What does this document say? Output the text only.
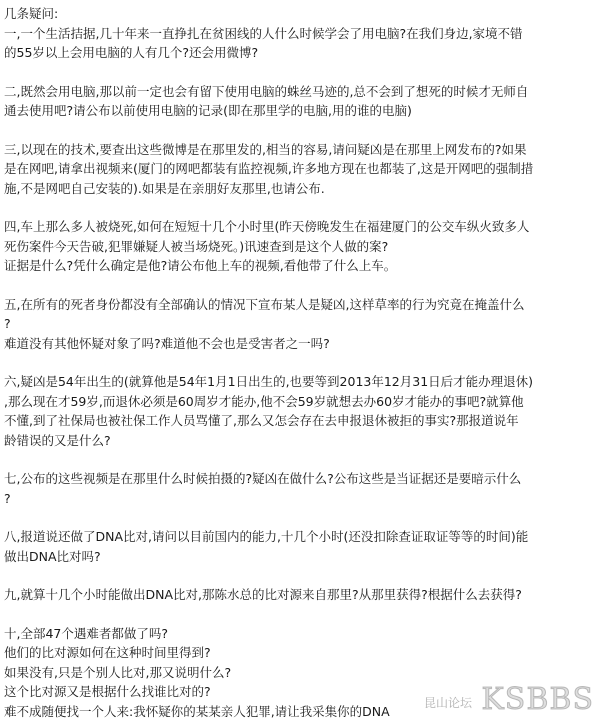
几条疑问:
一,一个生活拮据,几十年来一直挣扎在贫困线的人什么时候学会了用电脑?在我们身边,家境不错
的55岁以上会用电脑的人有几个?还会用微博?
二,既然会用电脑,那以前一定也会有留下使用电脑的蛛丝马迹的,总不会到了想死的时候才无师自
通去使用吧?请公布以前使用电脑的记录(即在那里学的电脑,用的谁的电脑)
三,以现在的技术,要查出这些微博是在那里发的,相当的容易,请问疑凶是在那里上网发布的?如果
是在网吧,请拿出视频来(厦门的网吧都装有监控视频,许多地方现在也都装了,这是开网吧的强制措
施,不是网吧自己安装的).如果是在亲朋好友那里,也请公布.
四,车上那么多人被烧死,如何在短短十几个小时里(昨天傍晚发生在福建厦门的公交车纵火致多人
死伤案件今天告破,犯罪嫌疑人被当场烧死。)讯速查到是这个人做的案?
证据是什么?凭什么确定是他?请公布他上车的视频,看他带了什么上车。
五,在所有的死者身份都没有全部确认的情况下宣布某人是疑凶,这样草率的行为究竟在掩盖什么
?
难道没有其他怀疑对象了吗?难道他不会也是受害者之一吗?
六,疑凶是54年出生的(就算他是54年1月1日出生的,也要等到2013年12月31日后才能办理退休)
,那么现在才59岁,而退休必须是60周岁才能办,他不会59岁就想去办60岁才能办的事吧?就算他
不懂,到了社保局也被社保工作人员骂懂了,那么又怎会存在去申报退休被拒的事实?那报道说年
龄错误的又是什么?
七,公布的这些视频是在那里什么时候拍摄的?疑凶在做什么?公布这些是当证据还是要暗示什么
?
八,报道说还做了DNA比对,请问以目前国内的能力,十几个小时(还没扣除查证取证等等的时间)能
做出DNA比对吗?
九,就算十几个小时能做出DNA比对,那陈水总的比对源来自那里?从那里获得?根据什么去获得?
十,全部47个遇难者都做了吗?
他们的比对源如何在这种时间里得到?
如果没有,只是个别人比对,那又说明什么?
这个比对源又是根据什么找谁比对的?
难不成随便找一个人来:我怀疑你的某某亲人犯罪,请让我采集你的DNA
昆山论坛 KSBBS
